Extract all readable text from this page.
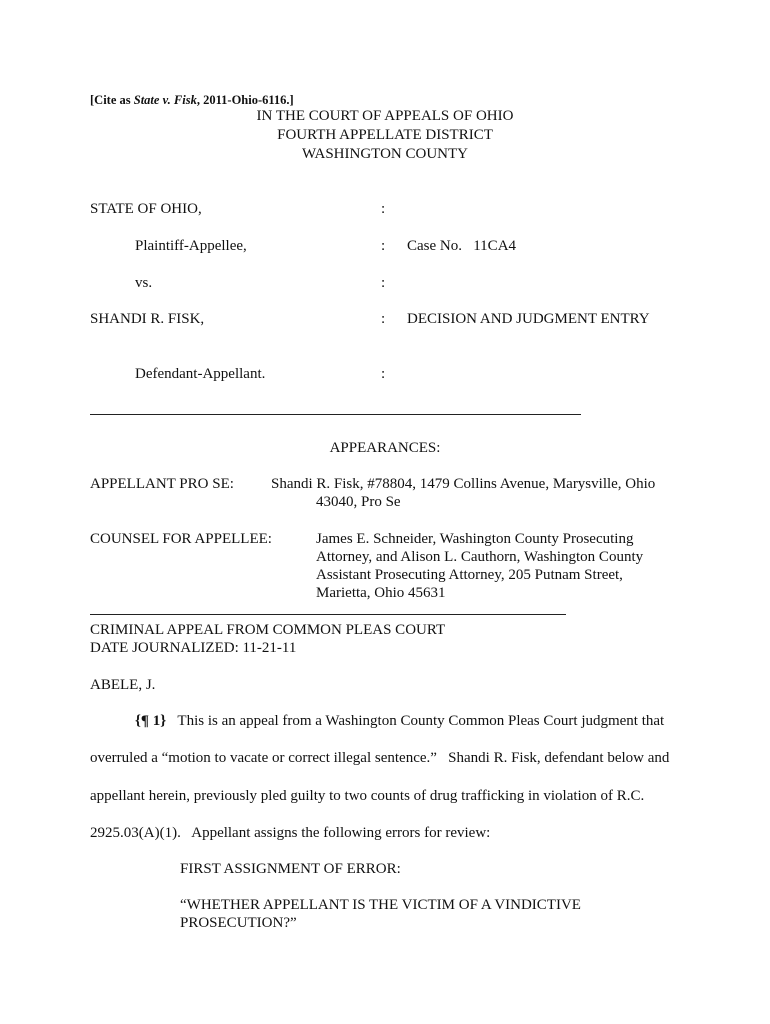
[Cite as State v. Fisk, 2011-Ohio-6116.]
IN THE COURT OF APPEALS OF OHIO
FOURTH APPELLATE DISTRICT
WASHINGTON COUNTY
STATE OF OHIO,	:
Plaintiff-Appellee,	: Case No.   11CA4
vs.	:
SHANDI R. FISK,	: DECISION AND JUDGMENT ENTRY
Defendant-Appellant.	:
APPEARANCES:
APPELLANT PRO SE: Shandi R. Fisk, #78804, 1479 Collins Avenue, Marysville, Ohio
43040, Pro Se
COUNSEL FOR APPELLEE:	James E. Schneider, Washington County Prosecuting
Attorney, and Alison L. Cauthorn, Washington County
Assistant Prosecuting Attorney, 205 Putnam Street,
Marietta, Ohio 45631
CRIMINAL APPEAL FROM COMMON PLEAS COURT
DATE JOURNALIZED: 11-21-11
ABELE, J.
{¶ 1} This is an appeal from a Washington County Common Pleas Court judgment that
overruled a “motion to vacate or correct illegal sentence.”   Shandi R. Fisk, defendant below and
appellant herein, previously pled guilty to two counts of drug trafficking in violation of R.C.
2925.03(A)(1).   Appellant assigns the following errors for review:
FIRST ASSIGNMENT OF ERROR:
“WHETHER APPELLANT IS THE VICTIM OF A VINDICTIVE
PROSECUTION?”
